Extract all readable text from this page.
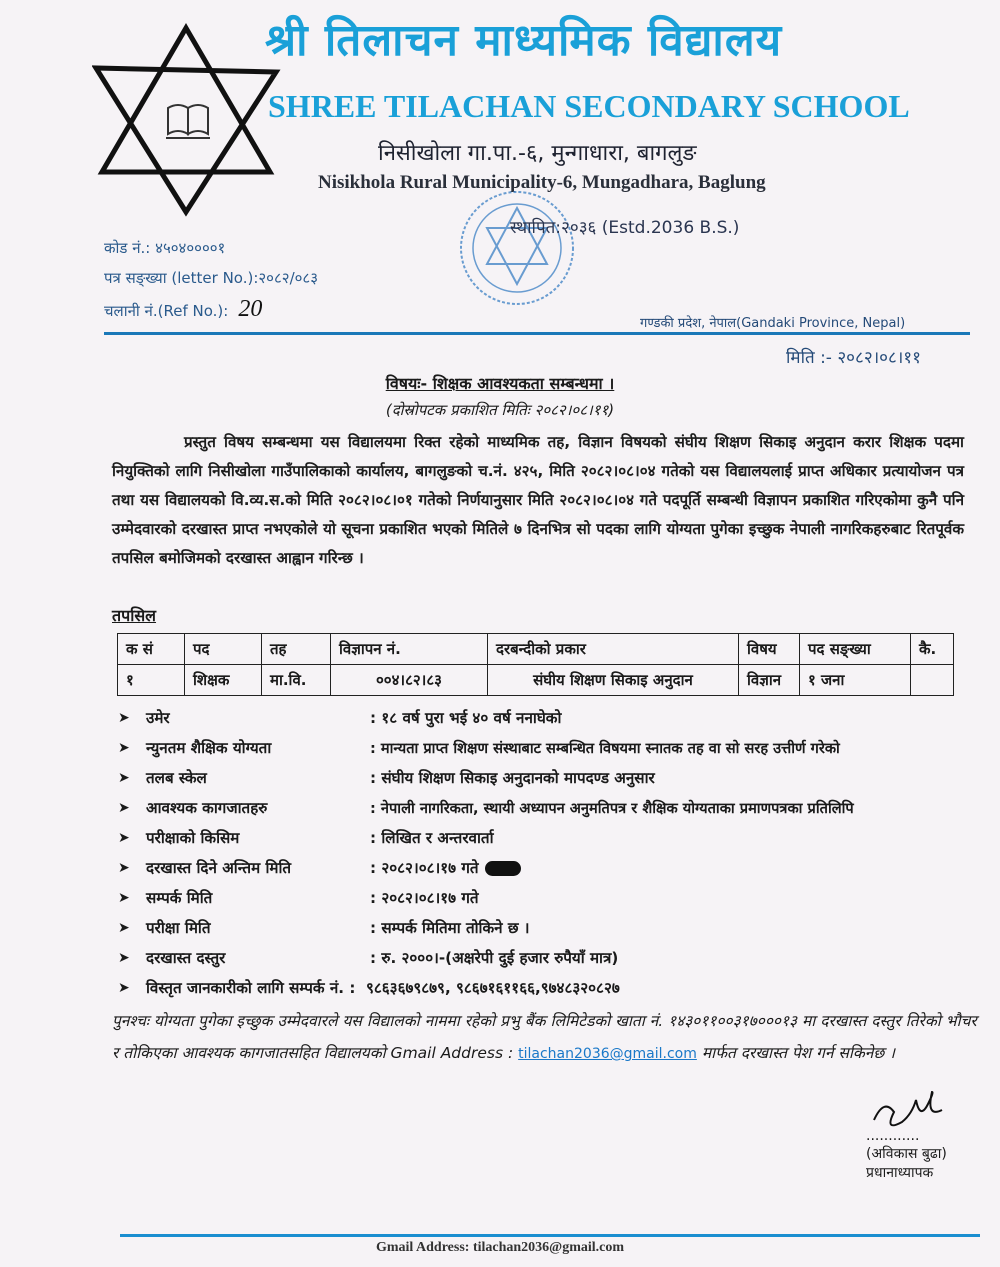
श्री तिलाचन माध्यमिक विद्यालय
SHREE TILACHAN SECONDARY SCHOOL
निसीखोला गा.पा.-६, मुन्गाधारा, बागलुङ
Nisikhola Rural Municipality-6, Mungadhara, Baglung
स्थापित:२०३६ (Estd.2036 B.S.)
कोड नं.: ४५०४००००१
पत्र सङ्ख्या (letter No.):२०८२/०८३
चलानी नं.(Ref No.): 20
गण्डकी प्रदेश, नेपाल(Gandaki Province, Nepal)
मिति :- २०८२।०८।११
विषयः- शिक्षक आवश्यकता सम्बन्धमा ।
(दोस्रोपटक प्रकाशित मितिः २०८२।०८।११)
प्रस्तुत विषय सम्बन्धमा यस विद्यालयमा रिक्त रहेको माध्यमिक तह, विज्ञान विषयको संघीय शिक्षण सिकाइ अनुदान करार शिक्षक पदमा नियुक्तिको लागि निसीखोला गाउँपालिकाको कार्यालय, बागलुङको च.नं. ४२५, मिति २०८२।०८।०४ गतेको यस विद्यालयलाई प्राप्त अधिकार प्रत्यायोजन पत्र तथा यस विद्यालयको वि.व्य.स.को मिति २०८२।०८।०१ गतेको निर्णयानुसार मिति २०८२।०८।०४ गते पदपूर्ति सम्बन्धी विज्ञापन प्रकाशित गरिएकोमा कुनै पनि उम्मेदवारको दरखास्त प्राप्त नभएकोले यो सूचना प्रकाशित भएको मितिले ७ दिनभित्र सो पदका लागि योग्यता पुगेका इच्छुक नेपाली नागरिकहरुबाट रितपूर्वक तपसिल बमोजिमको दरखास्त आह्वान गरिन्छ ।
तपसिल
क सं	पद	तह	विज्ञापन नं.	दरबन्दीको प्रकार	विषय	पद सङ्ख्या	कै.
१	शिक्षक	मा.वि.	००४।८२।८३	संघीय शिक्षण सिकाइ अनुदान	विज्ञान	१ जना	
➤	उमेर	: १८ वर्ष पुरा भई ४० वर्ष ननाघेको
➤	न्युनतम शैक्षिक योग्यता	: मान्यता प्राप्त शिक्षण संस्थाबाट सम्बन्धित विषयमा स्नातक तह वा सो सरह उत्तीर्ण गरेको
➤	तलब स्केल	: संघीय शिक्षण सिकाइ अनुदानको मापदण्ड अनुसार
➤	आवश्यक कागजातहरु	: नेपाली नागरिकता, स्थायी अध्यापन अनुमतिपत्र र शैक्षिक योग्यताका प्रमाणपत्रका प्रतिलिपि
➤	परीक्षाको किसिम	: लिखित र अन्तरवार्ता
➤	दरखास्त दिने अन्तिम मिति	: २०८२।०८।१७ गते
➤	सम्पर्क मिति	: २०८२।०८।१७ गते
➤	परीक्षा मिति	: सम्पर्क मितिमा तोकिने छ ।
➤	दरखास्त दस्तुर	: रु. २०००।-(अक्षरेपी दुई हजार रुपैयाँ मात्र)
➤	विस्तृत जानकारीको लागि सम्पर्क नं. :
९८६३६७९८७९, ९८६७१६११६६,९७४८३२०८२७
पुनश्चः योग्यता पुगेका इच्छुक उम्मेदवारले यस विद्यालको नाममा रहेको प्रभु बैंक लिमिटेडको खाता नं. १४३०११००३१७०००१३ मा दरखास्त दस्तुर तिरेको भौचर र तोकिएका आवश्यक कागजातसहित विद्यालयको Gmail Address : tilachan2036@gmail.com मार्फत दरखास्त पेश गर्न सकिनेछ ।
............
(अविकास बुढा)
प्रधानाध्यापक
Gmail Address: tilachan2036@gmail.com
